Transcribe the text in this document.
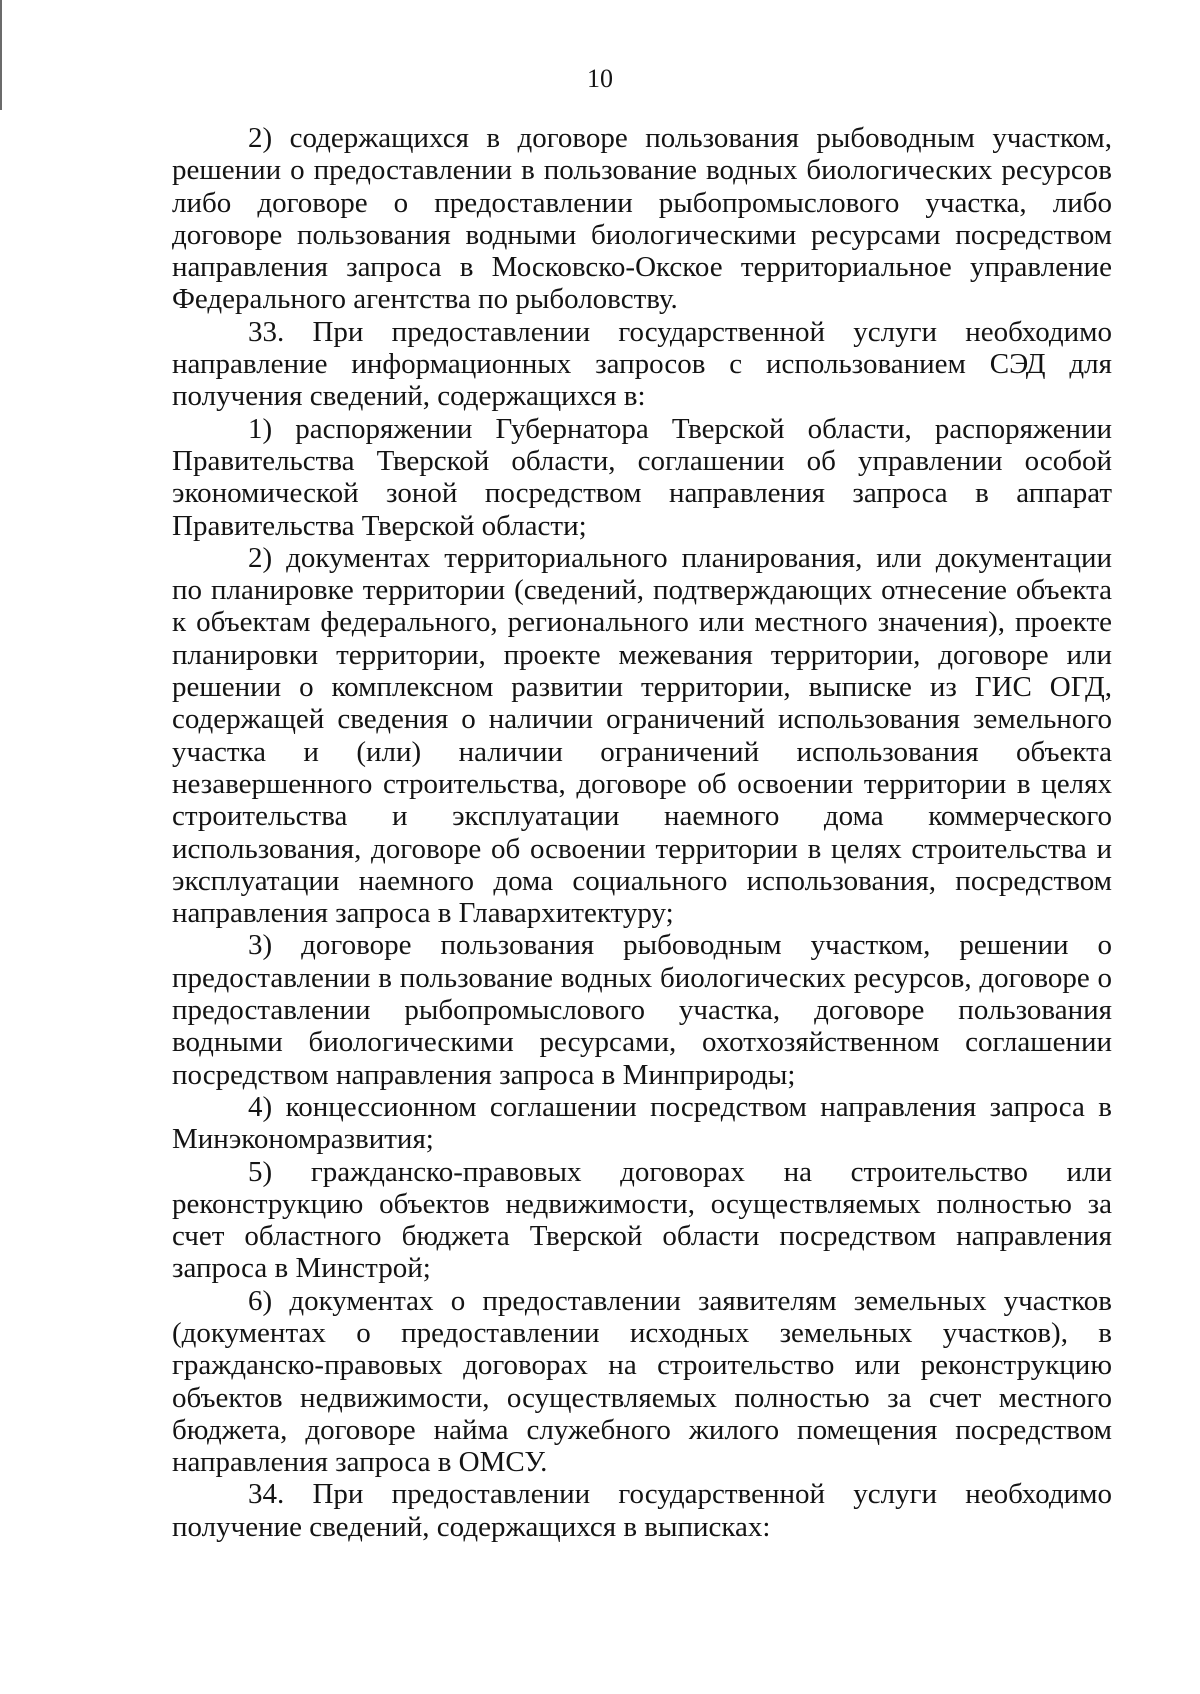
10

2) содержащихся в договоре пользования рыбоводным участком, решении о предоставлении в пользование водных биологических ресурсов либо договоре о предоставлении рыбопромыслового участка, либо договоре пользования водными биологическими ресурсами посредством направления запроса в Московско-Окское территориальное управление Федерального агентства по рыболовству.

33. При предоставлении государственной услуги необходимо направление информационных запросов с использованием СЭД для получения сведений, содержащихся в:

1) распоряжении Губернатора Тверской области, распоряжении Правительства Тверской области, соглашении об управлении особой экономической зоной посредством направления запроса в аппарат Правительства Тверской области;

2) документах территориального планирования, или документации по планировке территории (сведений, подтверждающих отнесение объекта к объектам федерального, регионального или местного значения), проекте планировки территории, проекте межевания территории, договоре или решении о комплексном развитии территории, выписке из ГИС ОГД, содержащей сведения о наличии ограничений использования земельного участка и (или) наличии ограничений использования объекта незавершенного строительства, договоре об освоении территории в целях строительства и эксплуатации наемного дома коммерческого использования, договоре об освоении территории в целях строительства и эксплуатации наемного дома социального использования, посредством направления запроса в Главархитектуру;

3) договоре пользования рыбоводным участком, решении о предоставлении в пользование водных биологических ресурсов, договоре о предоставлении рыбопромыслового участка, договоре пользования водными биологическими ресурсами, охотхозяйственном соглашении посредством направления запроса в Минприроды;

4) концессионном соглашении посредством направления запроса в Минэкономразвития;

5) гражданско-правовых договорах на строительство или реконструкцию объектов недвижимости, осуществляемых полностью за счет областного бюджета Тверской области посредством направления запроса в Минстрой;

6) документах о предоставлении заявителям земельных участков (документах о предоставлении исходных земельных участков), в гражданско-правовых договорах на строительство или реконструкцию объектов недвижимости, осуществляемых полностью за счет местного бюджета, договоре найма служебного жилого помещения посредством направления запроса в ОМСУ.

34. При предоставлении государственной услуги необходимо получение сведений, содержащихся в выписках:
